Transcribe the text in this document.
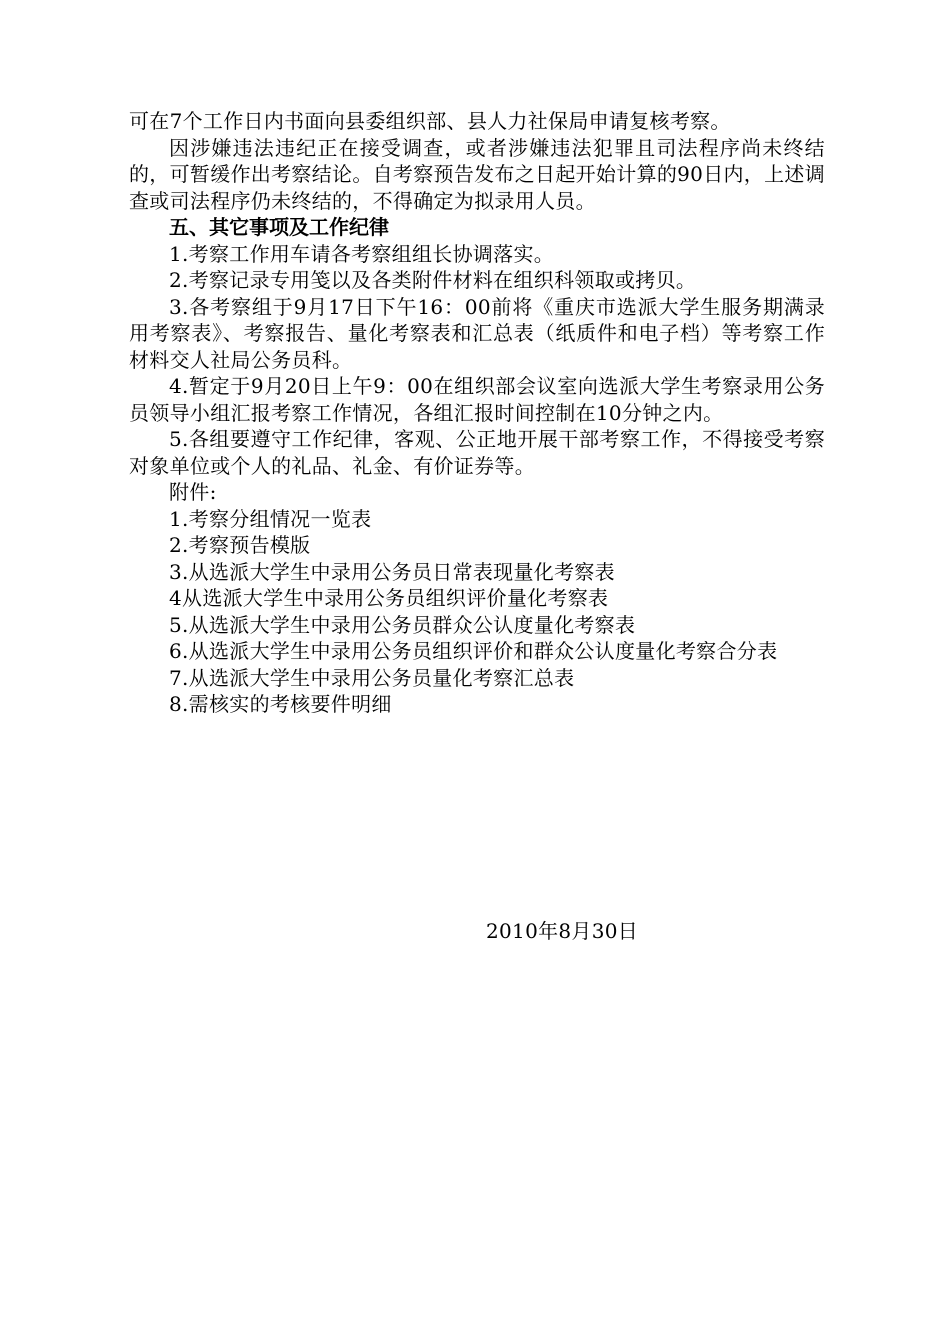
可在7个工作日内书面向县委组织部、县人力社保局申请复核考察。

因涉嫌违法违纪正在接受调查，或者涉嫌违法犯罪且司法程序尚未终结的，可暂缓作出考察结论。自考察预告发布之日起开始计算的90日内，上述调查或司法程序仍未终结的，不得确定为拟录用人员。

五、其它事项及工作纪律

1.考察工作用车请各考察组组长协调落实。

2.考察记录专用笺以及各类附件材料在组织科领取或拷贝。

3.各考察组于9月17日下午16：00前将《重庆市选派大学生服务期满录用考察表》、考察报告、量化考察表和汇总表（纸质件和电子档）等考察工作材料交人社局公务员科。

4.暂定于9月20日上午9：00在组织部会议室向选派大学生考察录用公务员领导小组汇报考察工作情况，各组汇报时间控制在10分钟之内。

5.各组要遵守工作纪律，客观、公正地开展干部考察工作，不得接受考察对象单位或个人的礼品、礼金、有价证券等。

附件:

1.考察分组情况一览表

2.考察预告模版

3.从选派大学生中录用公务员日常表现量化考察表

4从选派大学生中录用公务员组织评价量化考察表

5.从选派大学生中录用公务员群众公认度量化考察表

6.从选派大学生中录用公务员组织评价和群众公认度量化考察合分表

7.从选派大学生中录用公务员量化考察汇总表

8.需核实的考核要件明细

2010年8月30日
